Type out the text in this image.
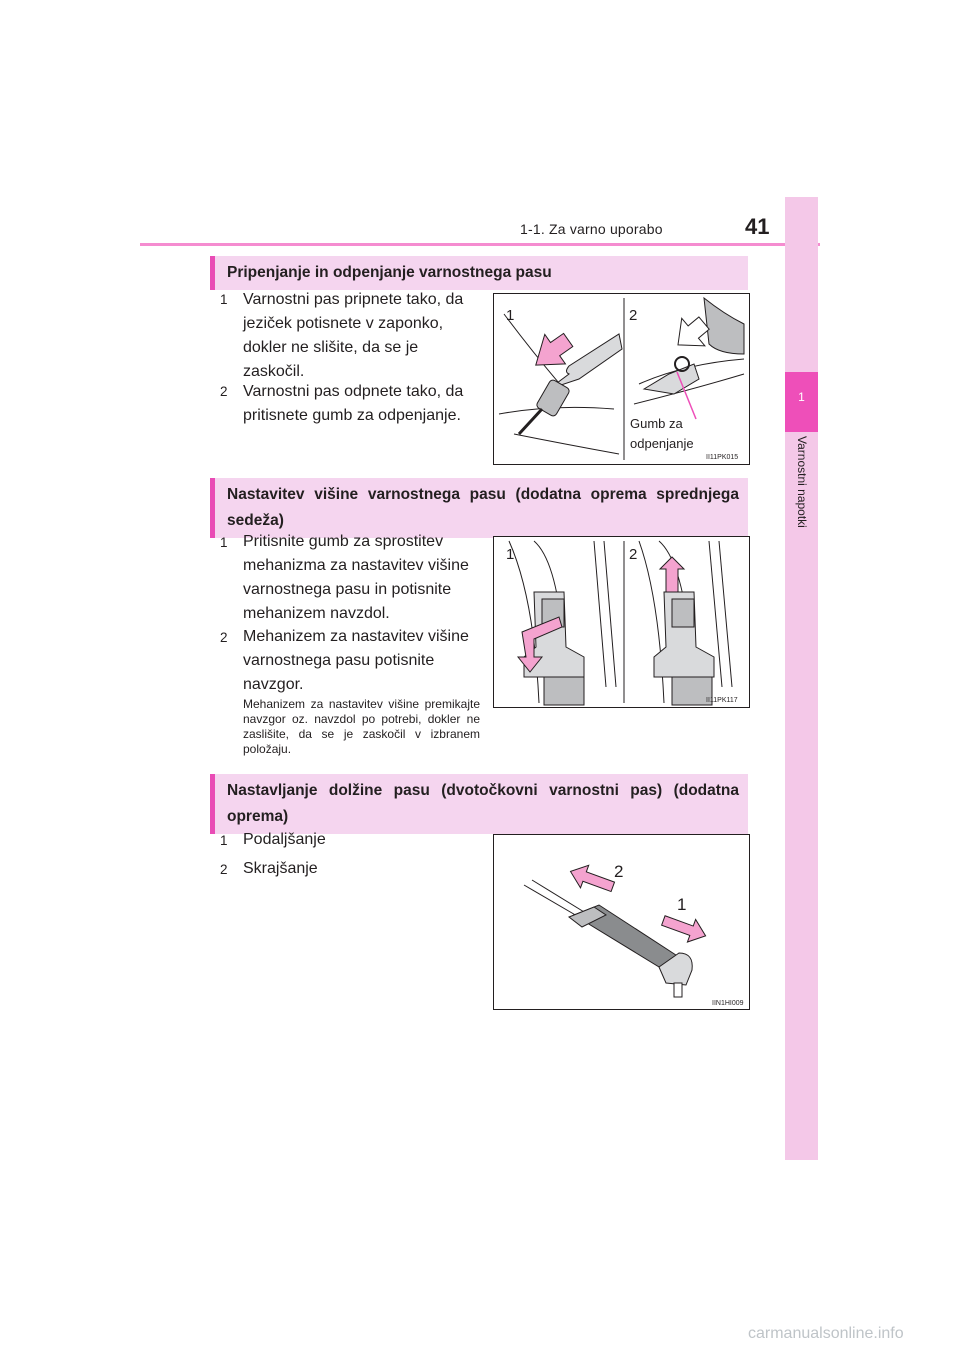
1-1. Za varno uporabo	41
1
Varnostni napotki
Pripenjanje in odpenjanje varnostnega pasu
1 Varnostni pas pripnete tako, da jeziček potisnete v zaponko, dokler ne slišite, da se je zaskočil.
2 Varnostni pas odpnete tako, da pritisnete gumb za odpenjanje.
1	2
Gumb za odpenjanje
II11PK015
Nastavitev višine varnostnega pasu (dodatna oprema sprednjega sedeža)
1 Pritisnite gumb za sprostitev mehanizma za nastavitev višine varnostnega pasu in potisnite mehanizem navzdol.
2 Mehanizem za nastavitev višine varnostnega pasu potisnite navzgor.
Mehanizem za nastavitev višine premikajte navzgor oz. navzdol po potrebi, dokler ne zaslišite, da se je zaskočil v izbranem položaju.
1	2
II11PK117
Nastavljanje dolžine pasu (dvotočkovni varnostni pas) (dodatna oprema)
1 Podaljšanje
2 Skrajšanje	2
1
IIN1HI009
carmanualsonline.info
